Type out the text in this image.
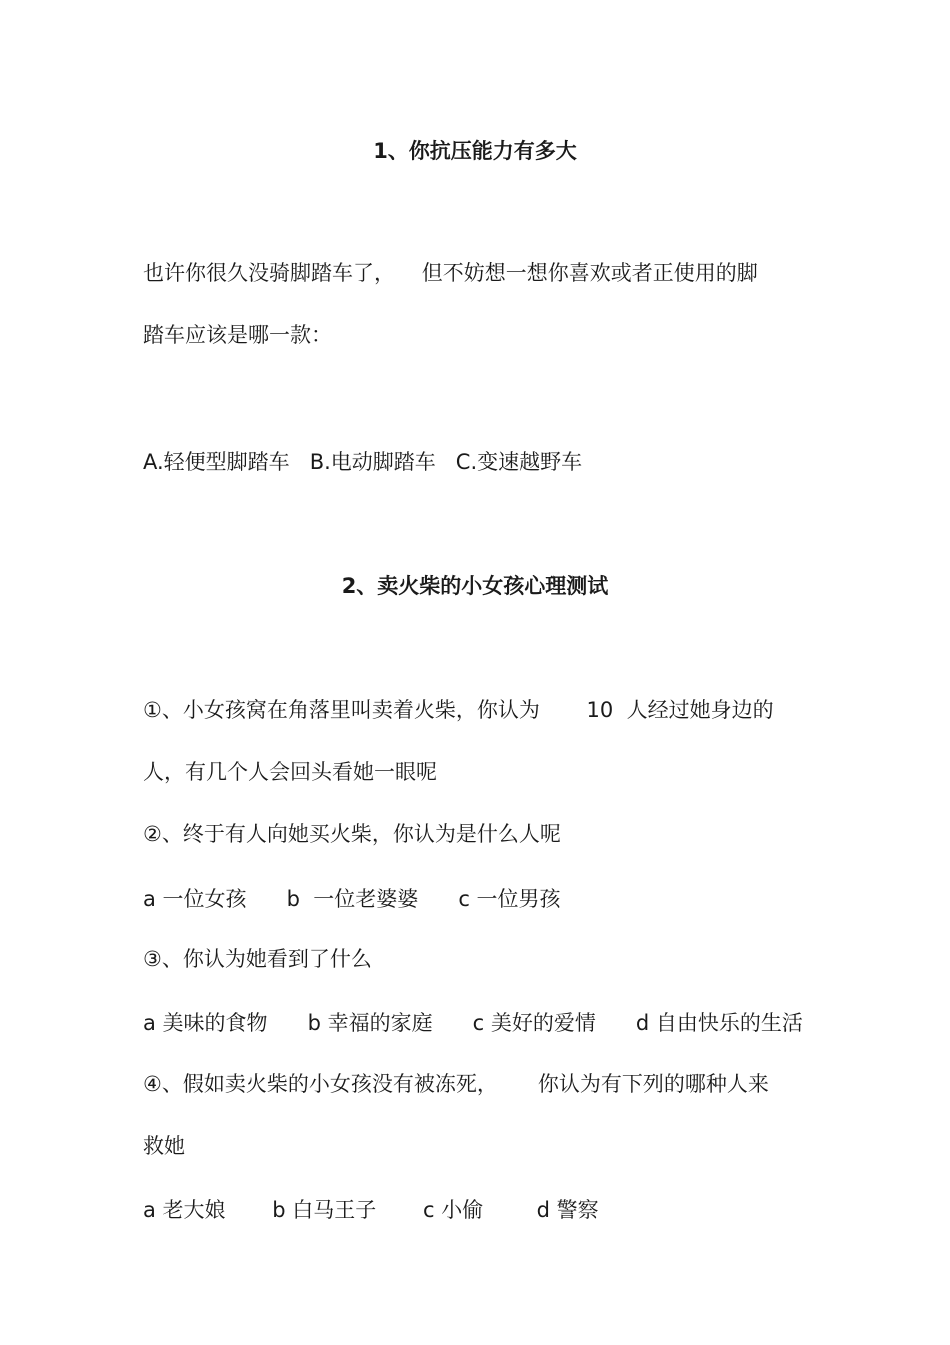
1、你抗压能力有多大

也许你很久没骑脚踏车了，    但不妨想一想你喜欢或者正使用的脚

踏车应该是哪一款：

A.轻便型脚踏车   B.电动脚踏车   C.变速越野车

2、卖火柴的小女孩心理测试

①、小女孩窝在角落里叫卖着火柴，你认为       10  人经过她身边的

人，有几个人会回头看她一眼呢

②、终于有人向她买火柴，你认为是什么人呢

a 一位女孩      b  一位老婆婆      c 一位男孩

③、你认为她看到了什么

a 美味的食物      b 幸福的家庭      c 美好的爱情      d 自由快乐的生活

④、假如卖火柴的小女孩没有被冻死，      你认为有下列的哪种人来

救她

a 老大娘       b 白马王子       c 小偷        d 警察
